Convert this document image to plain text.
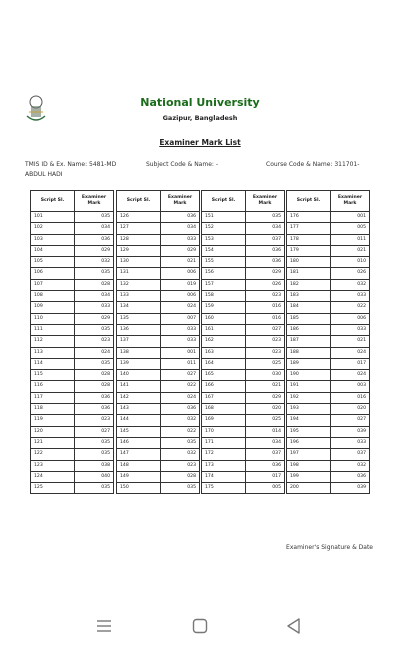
National University
Gazipur, Bangladesh
Examiner Mark List
TMIS ID & Ex. Name: 5481-MD ABDUL HADI
Subject Code & Name: -	Course Code & Name: 311701-
Script Sl.	Examiner Mark
101	035
102	034
103	036
104	029
105	032
106	035
107	028
108	034
109	033
110	029
111	035
112	023
113	024
114	035
115	028
116	028
117	036
118	036
119	023
120	027
121	035
122	035
123	038
124	040
125	035
Script Sl.	Examiner Mark
126	036
127	034
128	033
129	029
130	021
131	006
132	019
133	006
134	024
135	007
136	033
137	033
138	001
139	011
140	027
141	022
142	024
143	036
144	032
145	022
146	035
147	032
148	023
149	028
150	035
Script Sl.	Examiner Mark
151	035
152	034
153	037
154	036
155	036
156	029
157	026
158	023
159	016
160	016
161	027
162	023
163	023
164	025
165	030
166	021
167	029
168	020
169	025
170	014
171	034
172	037
173	036
174	017
175	005
Script Sl.	Examiner Mark
176	001
177	005
178	011
179	021
180	010
181	026
182	032
183	033
184	022
185	006
186	033
187	021
188	024
189	017
190	024
191	003
192	016
193	020
194	027
195	039
196	033
197	037
198	032
199	036
200	039
Examiner's Signature & Date
